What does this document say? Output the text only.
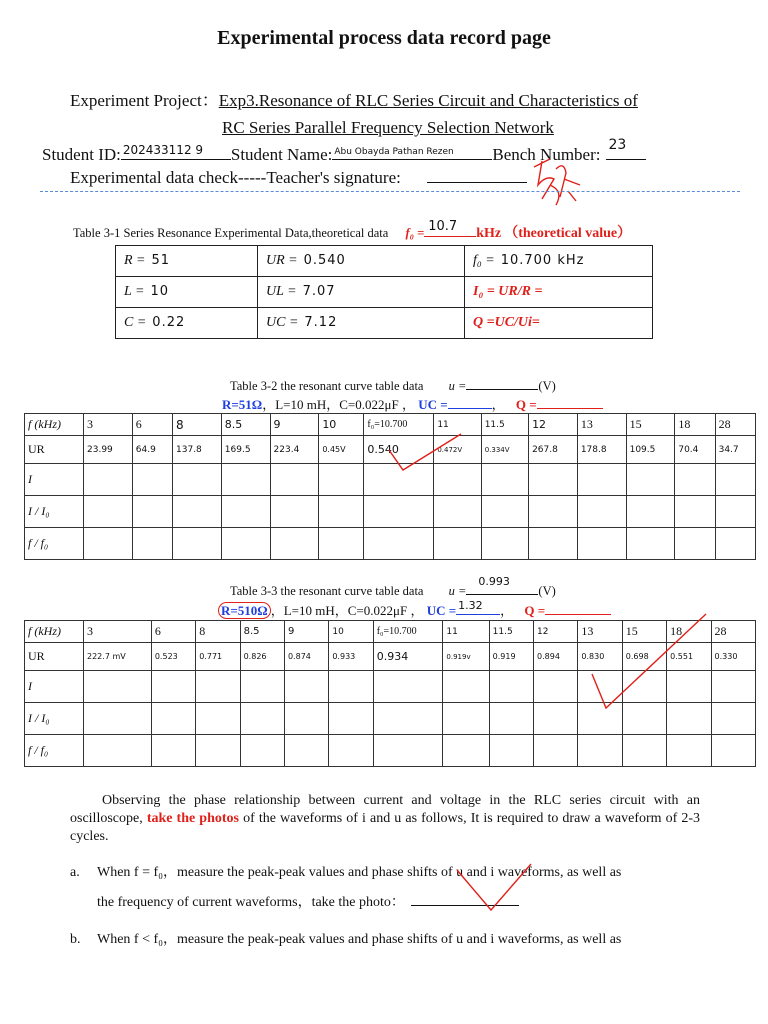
Experimental process data record page
Experiment Project：Exp3.Resonance of RLC Series Circuit and Characteristics of
RC Series Parallel Frequency Selection Network
Student ID: 202433112 9 Student Name: Abu Obayda Pathan Rezen Bench Number: 23
Experimental data check-----Teacher's signature:
Table 3-1 Series Resonance Experimental Data,theoretical data f₀ = 10.7 kHz （theoretical value）
R = 51	UR = 0.540	f₀ = 10.700 kHz
L = 10	UL = 7.07	I₀ = UR/R =
C = 0.22	UC = 7.12	Q =UC/Ui=
Table 3-2 the resonant curve table data u =	(V)
R=51Ω，L=10 mH，C=0.022μF ， UC =	， Q =
f (kHz)	3	6	8	8.5	9	10	f₀=10.700	11	11.5	12	13	15	18	28
UR	23.99	64.9	137.8	169.5	223.4	0.45V	0.540	0.472V	0.334V	267.8	178.8	109.5	70.4	34.7
I														
I / I₀														
f / f₀														
Table 3-3 the resonant curve table data u =
0.993
(V)
R=510Ω ，L=10 mH，C=0.022μF ， UC = 1.32 ， Q =
f (kHz)	3	6	8	8.5	9	10	f₀=10.700	11	11.5	12	13	15	18	28
UR	222.7 mV	0.523	0.771	0.826	0.874	0.933	0.934	0.919v	0.919	0.894	0.830	0.698	0.551	0.330
I														
I / I₀														
f / f₀														
Observing the phase relationship between current and voltage in the RLC series circuit with an oscilloscope, take the photos of the waveforms of i and u as follows, It is required to draw a waveform of 2-3 cycles.
a. When f = f₀，measure the peak-peak values and phase shifts of u and i waveforms, as well as
the frequency of current waveforms，take the photo：
b. When f < f₀，measure the peak-peak values and phase shifts of u and i waveforms, as well as
